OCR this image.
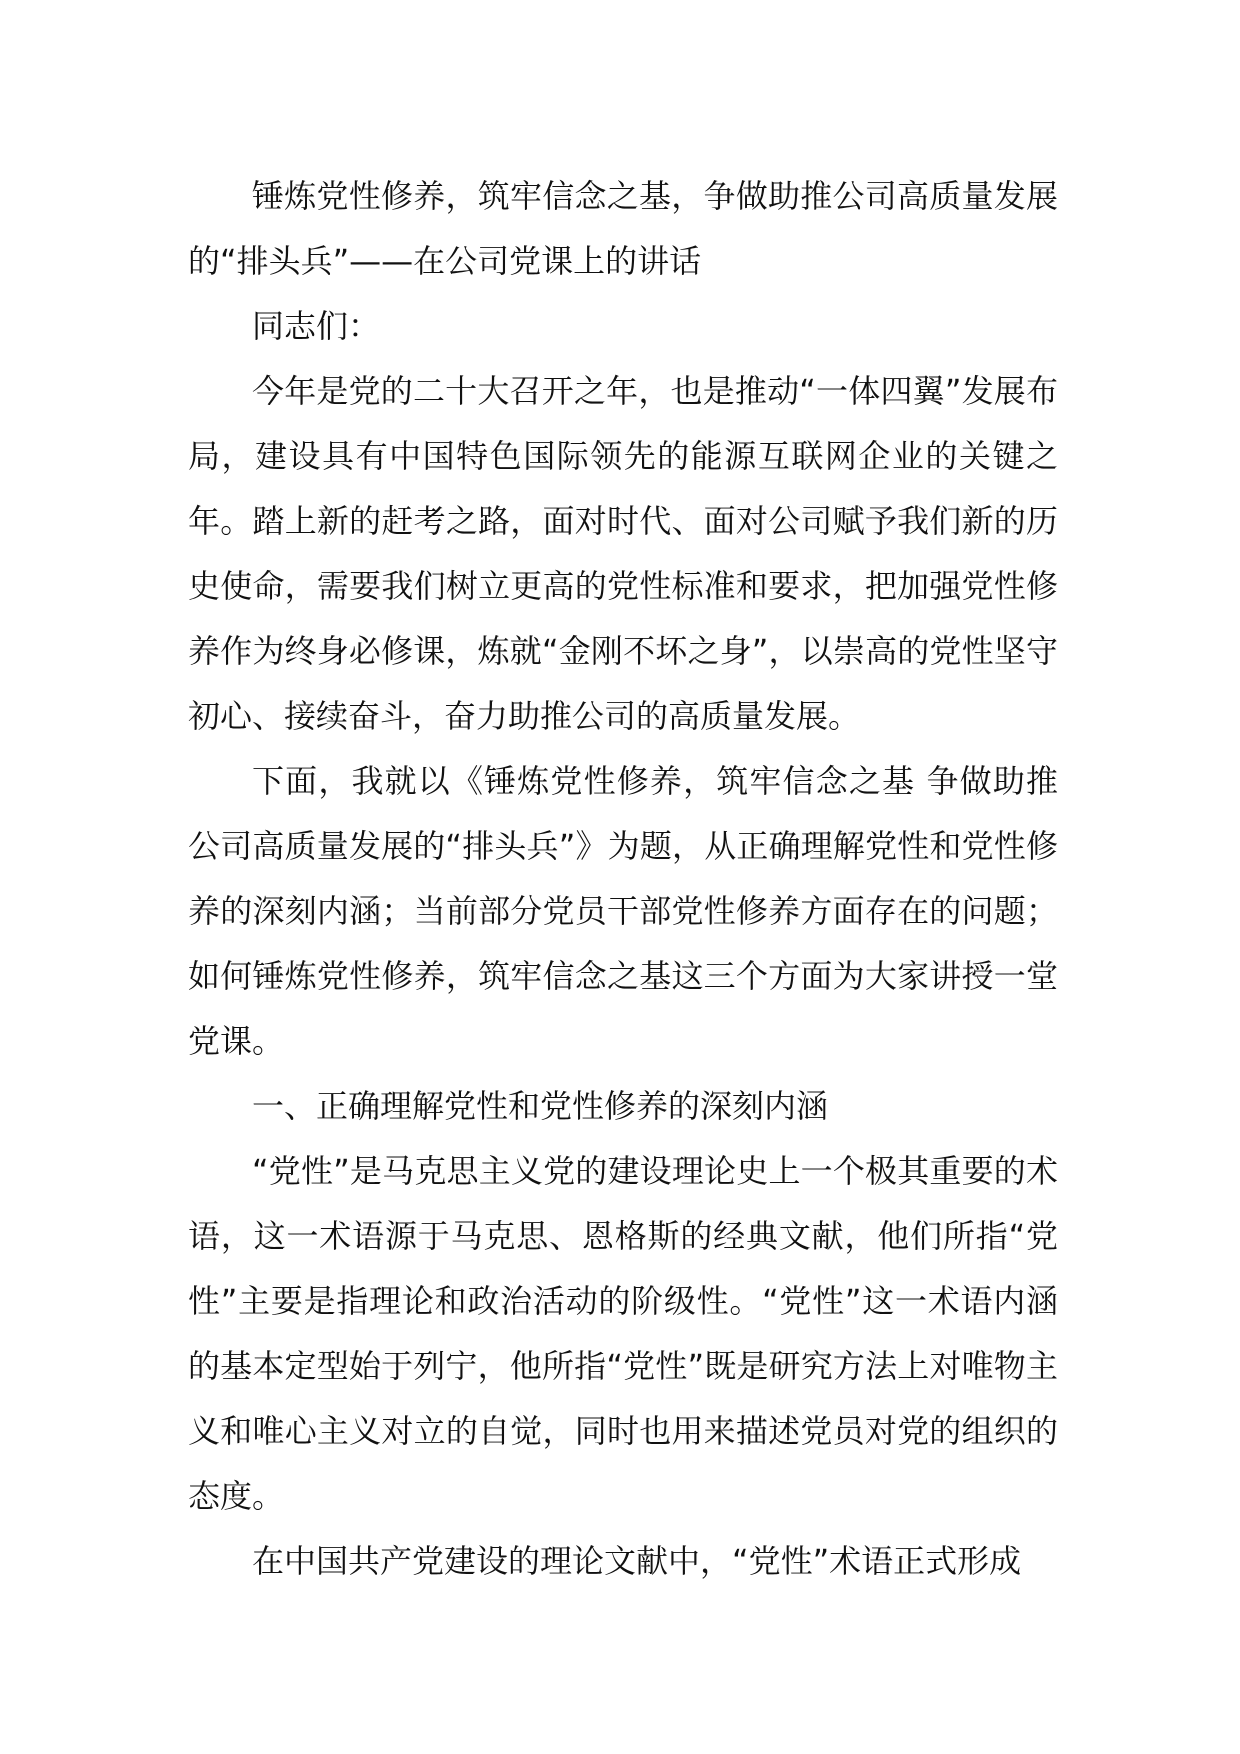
锤炼党性修养，筑牢信念之基，争做助推公司高质量发展的“排头兵”——在公司党课上的讲话

同志们：

今年是党的二十大召开之年，也是推动“一体四翼”发展布局，建设具有中国特色国际领先的能源互联网企业的关键之年。踏上新的赶考之路，面对时代、面对公司赋予我们新的历史使命，需要我们树立更高的党性标准和要求，把加强党性修养作为终身必修课，炼就“金刚不坏之身”，以崇高的党性坚守初心、接续奋斗，奋力助推公司的高质量发展。

下面，我就以《锤炼党性修养，筑牢信念之基 争做助推公司高质量发展的“排头兵”》为题，从正确理解党性和党性修养的深刻内涵；当前部分党员干部党性修养方面存在的问题；如何锤炼党性修养，筑牢信念之基这三个方面为大家讲授一堂党课。

一、正确理解党性和党性修养的深刻内涵

“党性”是马克思主义党的建设理论史上一个极其重要的术语，这一术语源于马克思、恩格斯的经典文献，他们所指“党性”主要是指理论和政治活动的阶级性。“党性”这一术语内涵的基本定型始于列宁，他所指“党性”既是研究方法上对唯物主义和唯心主义对立的自觉，同时也用来描述党员对党的组织的态度。

在中国共产党建设的理论文献中，“党性”术语正式形成
